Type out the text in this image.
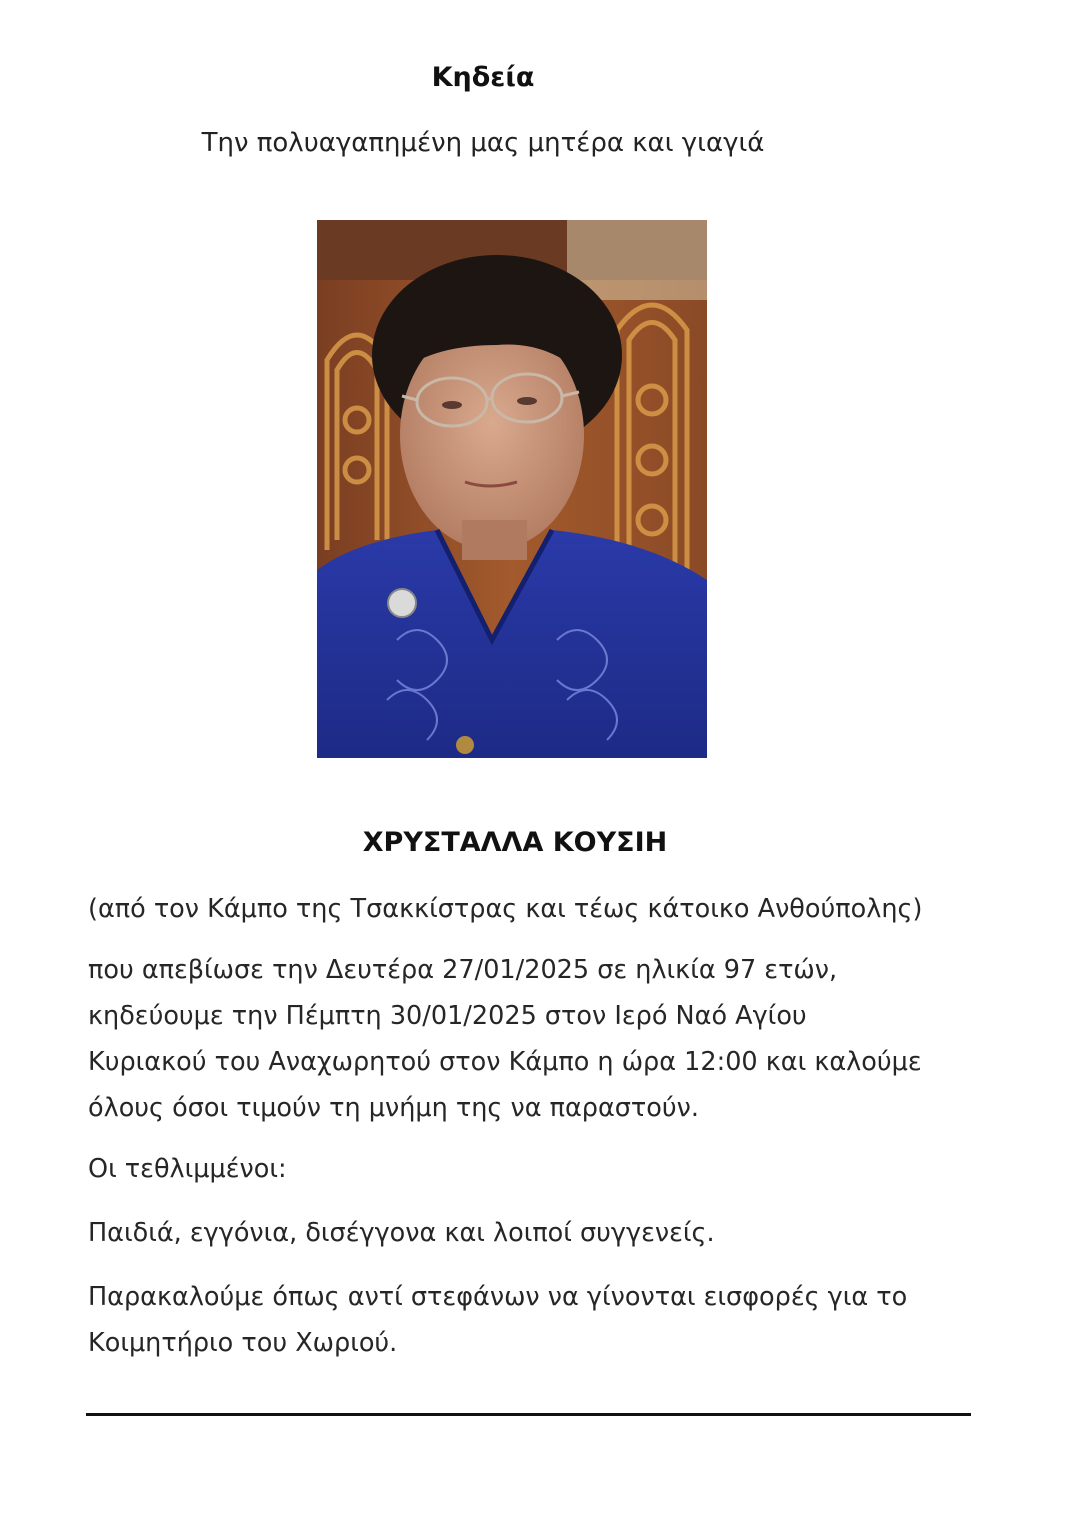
Κηδεία
Την πολυαγαπημένη μας μητέρα και γιαγιά
ΧΡΥΣΤΑΛΛΑ ΚΟΥΣΙΗ

(από τον Κάμπο της Τσακκίστρας και τέως κάτοικο Ανθούπολης)

που απεβίωσε την Δευτέρα 27/01/2025 σε ηλικία 97 ετών,

κηδεύουμε την Πέμπτη 30/01/2025 στον Ιερό Ναό Αγίου

Κυριακού του Αναχωρητού στον Κάμπο η ώρα 12:00 και καλούμε

όλους όσοι τιμούν τη μνήμη της να παραστούν.

Οι τεθλιμμένοι:

Παιδιά, εγγόνια, δισέγγονα και λοιποί συγγενείς.

Παρακαλούμε όπως αντί στεφάνων να γίνονται εισφορές για το

Κοιμητήριο του Χωριού.
